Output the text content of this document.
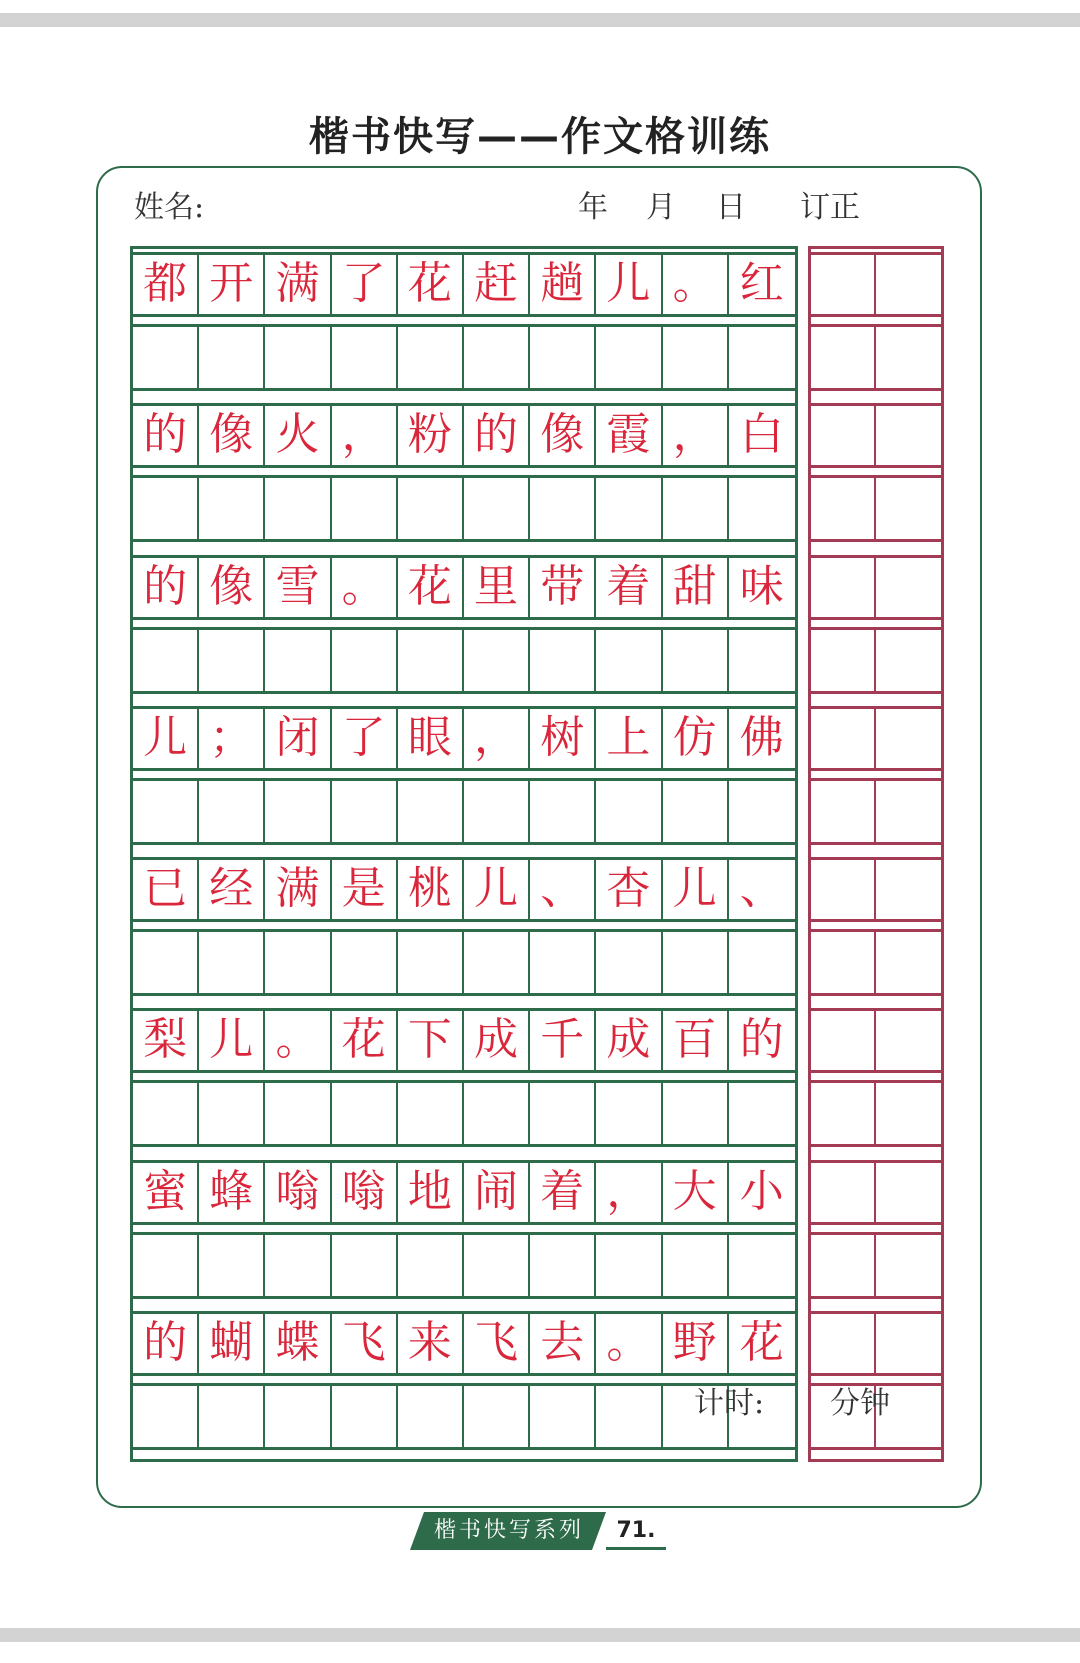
楷书快写——作文格训练
姓名:	年 月 日 订正
都 开 满 了 花 赶 趟 儿 。 红
的 像 火 ， 粉 的 像 霞 ， 白
的 像 雪 。 花 里 带 着 甜 味
儿 ； 闭 了 眼 ， 树 上 仿 佛
已 经 满 是 桃 儿 、 杏 儿 、
梨 儿 。 花 下 成 千 成 百 的
蜜 蜂 嗡 嗡 地 闹 着 ， 大 小
的 蝴 蝶 飞 来 飞 去 。 野 花
计时: 分钟
楷书快写系列	71.
